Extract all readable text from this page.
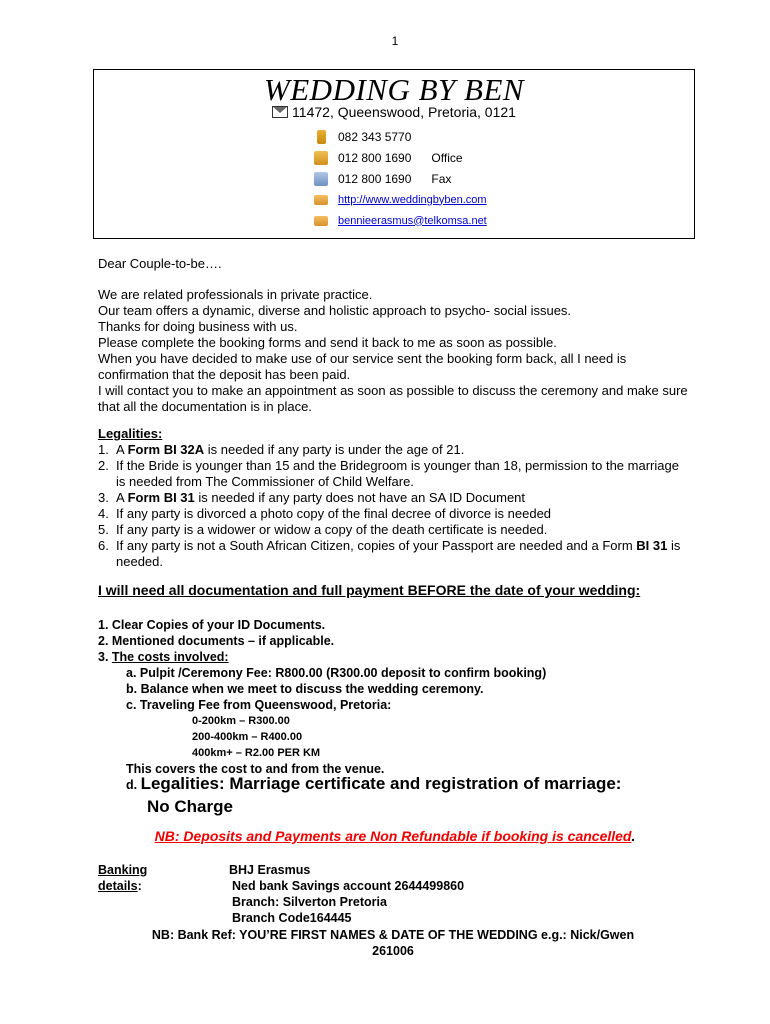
1
WEDDING BY BEN
11472, Queenswood, Pretoria, 0121
082 343 5770
012 800 1690 Office
012 800 1690 Fax
http://www.weddingbyben.com
bennieerasmus@telkomsa.net
Dear Couple-to-be….

We are related professionals in private practice.

Our team offers a dynamic, diverse and holistic approach to psycho- social issues.

Thanks for doing business with us.

Please complete the booking forms and send it back to me as soon as possible.

When you have decided to make use of our service sent the booking form back, all I need is confirmation that the deposit has been paid.

I will contact you to make an appointment as soon as possible to discuss the ceremony and make sure that all the documentation is in place.

Legalities:
1. A Form BI 32A is needed if any party is under the age of 21.
2. If the Bride is younger than 15 and the Bridegroom is younger than 18, permission to the marriage is needed from The Commissioner of Child Welfare.
3. A Form BI 31 is needed if any party does not have an SA ID Document
4. If any party is divorced a photo copy of the final decree of divorce is needed
5. If any party is a widower or widow a copy of the death certificate is needed.
6. If any party is not a South African Citizen, copies of your Passport are needed and a Form BI 31 is needed.
I will need all documentation and full payment BEFORE the date of your wedding:
1. Clear Copies of your ID Documents.
2. Mentioned documents – if applicable.
3. The costs involved:
a. Pulpit /Ceremony Fee: R800.00 (R300.00 deposit to confirm booking)
b. Balance when we meet to discuss the wedding ceremony.
c. Traveling Fee from Queenswood, Pretoria:
0-200km – R300.00
200-400km – R400.00
400km+ – R2.00 PER KM
This covers the cost to and from the venue.
d. Legalities: Marriage certificate and registration of marriage:
No Charge
NB: Deposits and Payments are Non Refundable if booking is cancelled.
Banking details:
BHJ Erasmus
Ned bank Savings account 2644499860
Branch: Silverton Pretoria
Branch Code164445
NB: Bank Ref: YOU’RE FIRST NAMES & DATE OF THE WEDDING e.g.: Nick/Gwen
261006
